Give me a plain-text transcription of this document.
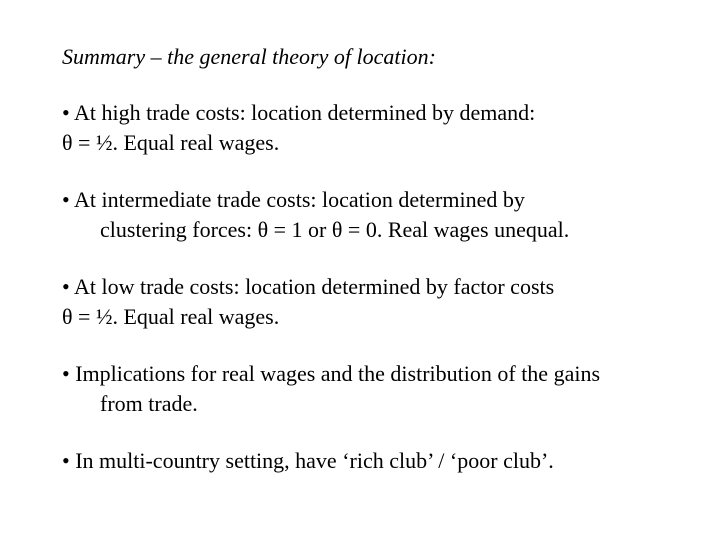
Summary – the general theory of location:
• At high trade costs: location determined by demand:
θ = ½. Equal real wages.
• At intermediate trade costs: location determined by
clustering forces: θ = 1 or θ = 0. Real wages unequal.
• At low trade costs: location determined by factor costs
θ = ½. Equal real wages.
• Implications for real wages and the distribution of the gains
from trade.
• In multi-country setting, have ‘rich club’ / ‘poor club’.
